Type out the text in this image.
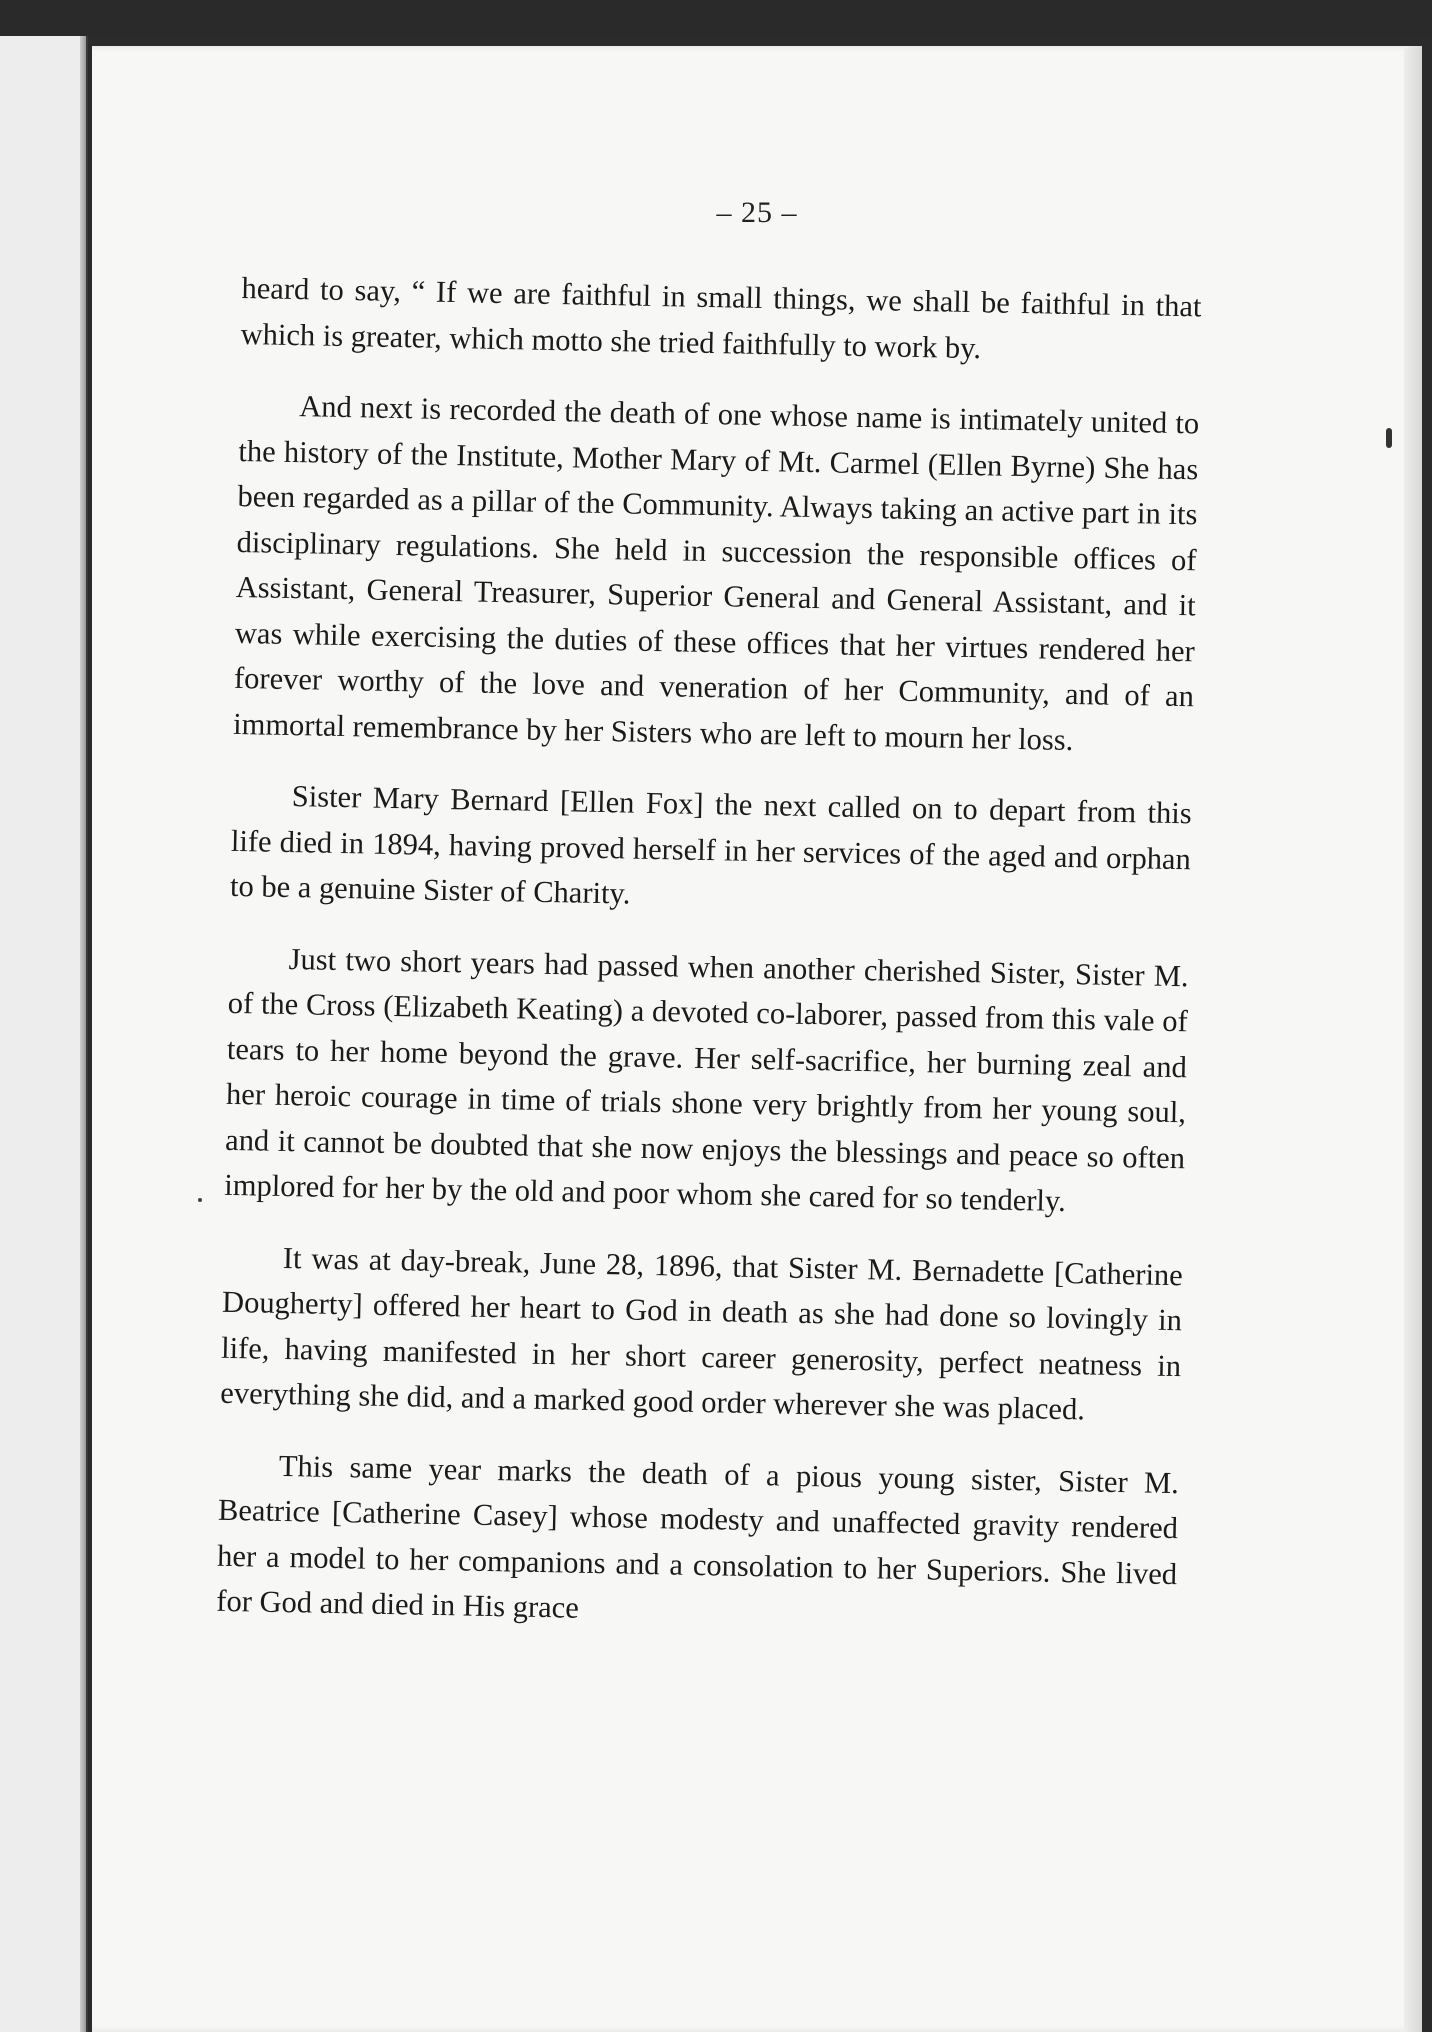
– 25 –

heard to say, “ If we are faithful in small things, we shall be faithful in that which is greater, which motto she tried faithfully to work by.

And next is recorded the death of one whose name is intimately united to the history of the Institute, Mother Mary of Mt. Carmel (Ellen Byrne) She has been regarded as a pillar of the Community. Always taking an active part in its disciplinary regulations. She held in succession the responsible offices of Assistant, General Treasurer, Superior General and General Assistant, and it was while exercising the duties of these offices that her virtues rendered her forever worthy of the love and veneration of her Community, and of an immortal remembrance by her Sisters who are left to mourn her loss.

Sister Mary Bernard [Ellen Fox] the next called on to depart from this life died in 1894, having proved herself in her services of the aged and orphan to be a genuine Sister of Charity.

Just two short years had passed when another cherished Sister, Sister M. of the Cross (Elizabeth Keating) a devoted co-laborer, passed from this vale of tears to her home beyond the grave. Her self-sacrifice, her burning zeal and her heroic courage in time of trials shone very brightly from her young soul, and it cannot be doubted that she now enjoys the blessings and peace so often implored for her by the old and poor whom she cared for so tenderly.

It was at day-break, June 28, 1896, that Sister M. Bernadette [Catherine Dougherty] offered her heart to God in death as she had done so lovingly in life, having manifested in her short career generosity, perfect neatness in everything she did, and a marked good order wherever she was placed.

This same year marks the death of a pious young sister, Sister M. Beatrice [Catherine Casey] whose modesty and unaffected gravity rendered her a model to her companions and a consolation to her Superiors. She lived for God and died in His grace
